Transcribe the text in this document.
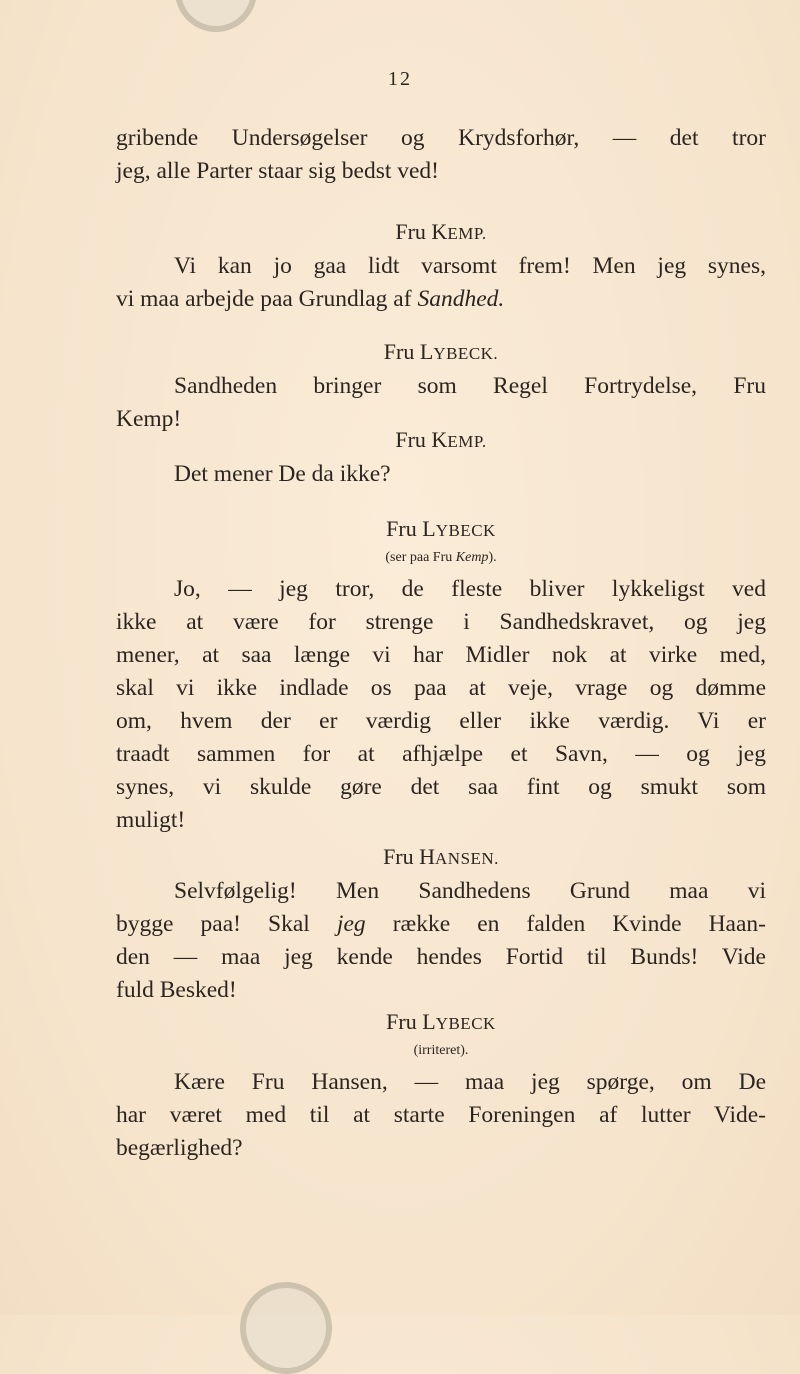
12
gribende Undersøgelser og Krydsforhør, — det tror
jeg, alle Parter staar sig bedst ved!
Fru KEMP.
Vi kan jo gaa lidt varsomt frem! Men jeg synes,
vi maa arbejde paa Grundlag af Sandhed.
Fru LYBECK.
Sandheden bringer som Regel Fortrydelse, Fru
Kemp!
Fru KEMP.
Det mener De da ikke?
Fru LYBECK
(ser paa Fru Kemp).
Jo, — jeg tror, de fleste bliver lykkeligst ved
ikke at være for strenge i Sandhedskravet, og jeg
mener, at saa længe vi har Midler nok at virke med,
skal vi ikke indlade os paa at veje, vrage og dømme
om, hvem der er værdig eller ikke værdig. Vi er
traadt sammen for at afhjælpe et Savn, — og jeg
synes, vi skulde gøre det saa fint og smukt som
muligt!
Fru HANSEN.
Selvfølgelig! Men Sandhedens Grund maa vi
bygge paa! Skal jeg række en falden Kvinde Haan-
den — maa jeg kende hendes Fortid til Bunds! Vide
fuld Besked!
Fru LYBECK
(irriteret).
Kære Fru Hansen, — maa jeg spørge, om De
har været med til at starte Foreningen af lutter Vide-
begærlighed?
